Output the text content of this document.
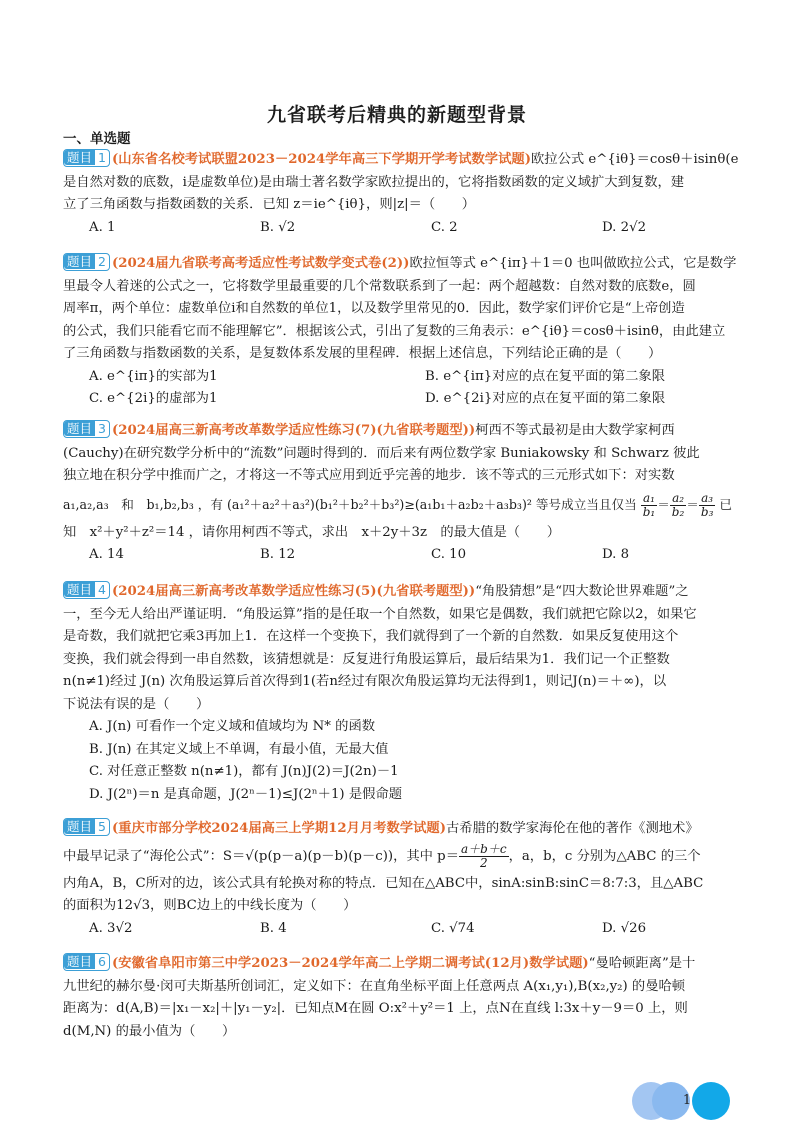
九省联考后精典的新题型背景
一、单选题
题目 1 (山东省名校考试联盟2023－2024学年高三下学期开学考试数学试题)欧拉公式 e^{iθ}＝cosθ＋isinθ(e
是自然对数的底数，i是虚数单位)是由瑞士著名数学家欧拉提出的，它将指数函数的定义域扩大到复数，建
立了三角函数与指数函数的关系．已知 z＝ie^{iθ}，则|z|＝（　　）
A. 1	B. √2	C. 2	D. 2√2
题目 2 (2024届九省联考高考适应性考试数学变式卷(2))欧拉恒等式 e^{iπ}＋1＝0 也叫做欧拉公式，它是数学
里最令人着迷的公式之一，它将数学里最重要的几个常数联系到了一起：两个超越数：自然对数的底数e，圆
周率π，两个单位：虚数单位i和自然数的单位1，以及数学里常见的0．因此，数学家们评价它是“上帝创造
的公式，我们只能看它而不能理解它”．根据该公式，引出了复数的三角表示：e^{iθ}＝cosθ＋isinθ，由此建立
了三角函数与指数函数的关系，是复数体系发展的里程碑．根据上述信息，下列结论正确的是（　　）
A. e^{iπ}的实部为1	B. e^{iπ}对应的点在复平面的第二象限
C. e^{2i}的虚部为1	D. e^{2i}对应的点在复平面的第二象限
题目 3 (2024届高三新高考改革数学适应性练习(7)(九省联考题型))柯西不等式最初是由大数学家柯西
(Cauchy)在研究数学分析中的“流数”问题时得到的．而后来有两位数学家 Buniakowsky 和 Schwarz 彼此
独立地在积分学中推而广之，才将这一不等式应用到近乎完善的地步．该不等式的三元形式如下：对实数
a₁,a₂,a₃　和　b₁,b₂,b₃ ，有 (a₁²＋a₂²＋a₃²)(b₁²＋b₂²＋b₃²)≥(a₁b₁＋a₂b₂＋a₃b₃)² 等号成立当且仅当 $\frac{\text{a₁}}{\text{b₁}} = \frac{\text{a₂}}{\text{b₂}} = \frac{\text{a₃}}{\text{b₃}}$ 已
知　x²＋y²＋z²＝14 ，请你用柯西不等式，求出　x＋2y＋3z　的最大值是（　　）
A. 14	B. 12	C. 10	D. 8
题目 4 (2024届高三新高考改革数学适应性练习(5)(九省联考题型))“角股猜想”是“四大数论世界难题”之
一，至今无人给出严谨证明．“角股运算”指的是任取一个自然数，如果它是偶数，我们就把它除以2，如果它
是奇数，我们就把它乘3再加上1．在这样一个变换下，我们就得到了一个新的自然数．如果反复使用这个
变换，我们就会得到一串自然数，该猜想就是：反复进行角股运算后，最后结果为1．我们记一个正整数
n(n≠1)经过 J(n) 次角股运算后首次得到1(若n经过有限次角股运算均无法得到1，则记J(n)＝＋∞)，以
下说法有误的是（　　）
A. J(n) 可看作一个定义域和值域均为 N* 的函数
B. J(n) 在其定义域上不单调，有最小值，无最大值
C. 对任意正整数 n(n≠1)，都有 J(n)J(2)＝J(2n)－1
D. J(2ⁿ)＝n 是真命题，J(2ⁿ－1)≤J(2ⁿ＋1) 是假命题
题目 5 (重庆市部分学校2024届高三上学期12月月考数学试题)古希腊的数学家海伦在他的著作《测地术》
中最早记录了“海伦公式”：S＝√(p(p－a)(p－b)(p－c))，其中 $p= \frac{a+b+c}{2}$ ，a，b，c 分别为△ABC 的三个
内角A，B，C所对的边，该公式具有轮换对称的特点．已知在△ABC中，sinA:sinB:sinC＝8:7:3，且△ABC
的面积为12√3，则BC边上的中线长度为（　　）
A. 3√2	B. 4	C. √74	D. √26
题目 6 (安徽省阜阳市第三中学2023－2024学年高二上学期二调考试(12月)数学试题)“曼哈顿距离”是十
九世纪的赫尔曼·闵可夫斯基所创词汇，定义如下：在直角坐标平面上任意两点 A(x₁,y₁),B(x₂,y₂) 的曼哈顿
距离为：d(A,B)＝|x₁－x₂|＋|y₁－y₂|．已知点M在圆 O:x²＋y²＝1 上，点N在直线 l:3x＋y－9＝0 上，则
d(M,N) 的最小值为（　　）
1
